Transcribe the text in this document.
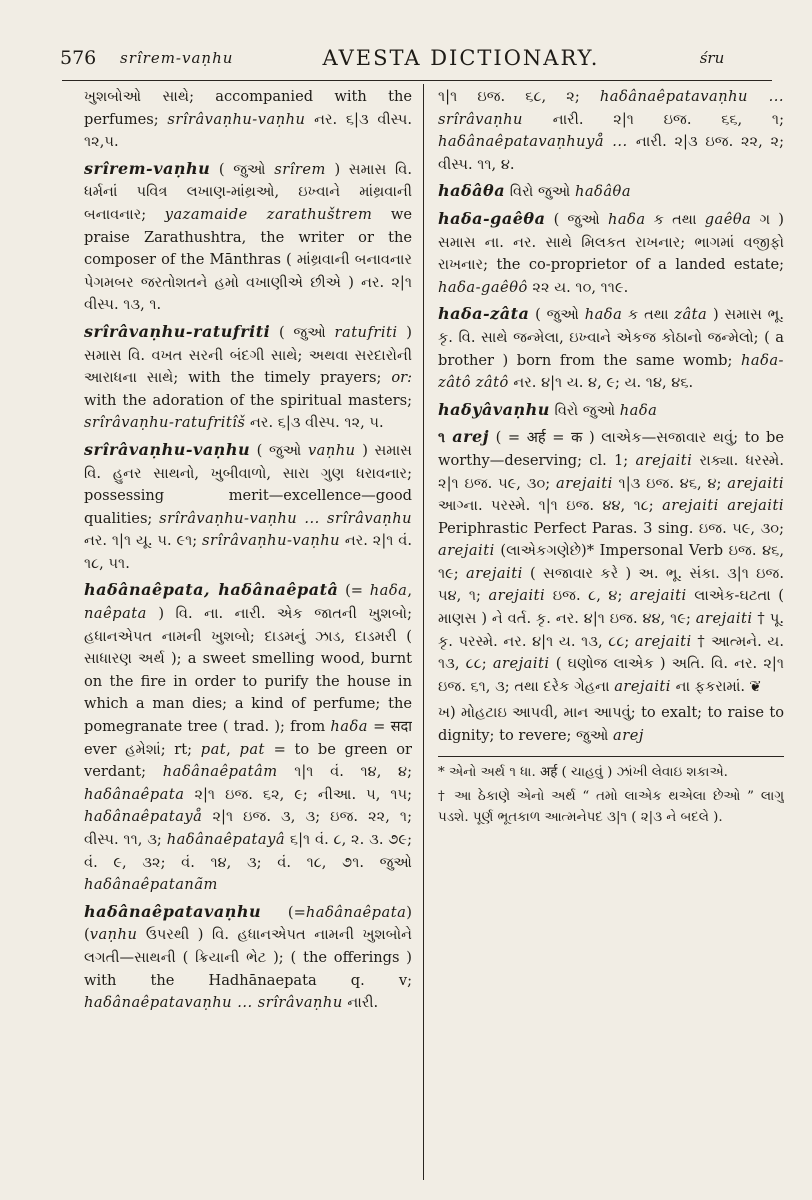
576	srîrem-vaṇhu	AVESTA DICTIONARY.	śru

ખુશબોઓ સાથે; accompanied with the perfumes; srîrâvaṇhu-vaṇhu નર. ૬|૩ વીસ્પ. ૧૨,૫.

srîrem-vaṇhu ( જુઓ srîrem ) સમાસ વિ. ધર્મનાં પવિત્ર લખાણ-માંથ્રઓ, ઇખ્વાને માંથ્રવાની બનાવનાર; yazamaide zarathuštrem we praise Zarathushtra, the writer or the composer of the Mānthras ( માંથ્રવાની બનાવનાર પેગમબર જરતોશતને હમો વખાણીએ છીએ ) નર. ૨|૧ વીસ્પ. ૧૩, ૧.

srîrâvaṇhu-ratufriti ( જુઓ ratufriti ) સમાસ વિ. વખત સરની બંદગી સાથે; અથવા સરદારોની આરાધના સાથે; with the timely prayers; or: with the adoration of the spiritual masters; srîrâvaṇhu-ratufritîš નર. ૬|૩ વીસ્પ. ૧૨, ૫.

srîrâvaṇhu-vaṇhu ( જુઓ vaṇhu ) સમાસ વિ. હુનર સાથનો, ખુબીવાળો, સારા ગુણ ધરાવનાર; possessing merit—excellence—good qualities; srîrâvaṇhu-vaṇhu ... srîrâvaṇhu નર. ૧|૧ યૂ. ૫. ૯૧; srîrâvaṇhu-vaṇhu નર. ૨|૧ વં. ૧૮, ૫૧.

haδânaêpata, haδânaêpatâ (= haδa, naêpata ) વિ. ના. નારી. એક જાતની ખુશબો; હધાનએપત નામની ખુશબો; દાડમનું ઝાડ, દાડમરી ( સાધારણ અર્થ ); a sweet smelling wood, burnt on the fire in order to purify the house in which a man dies; a kind of perfume; the pomegranate tree ( trad. ); from haδa = सदा ever હમેશાં; rt; pat, pat = to be green or verdant; haδânaêpatâm ૧|૧ વં. ૧૪, ૪; haδânaêpata ૨|૧ ઇજ. ૬૨, ૯; નીઆ. ૫, ૧૫; haδânaêpatayå ૨|૧ ઇજ. ૩, ૩; ઇજ. ૨૨, ૧; વીસ્પ. ૧૧, ૩; haδânaêpatayâ ૬|૧ વં. ૮, ૨. ૩. ૭૯; વં. ૯, ૩૨; વં. ૧૪, ૩; વં. ૧૮, ૭૧. જુઓ haδânaêpatanãm

haδânaêpatavaṇhu (=haδânaêpata) (vaṇhu ઉપરથી ) વિ. હધાનએપત નામની ખુશબોને લગતી—સાથની ( ક્રિયાની ભેટ ); ( the offerings ) with the Hadhānaepata q. v; haδânaêpatavaṇhu ... srîrâvaṇhu નારી.

૧|૧ ઇજ. ૬૮, ૨; haδânaêpatavaṇhu ... srîrâvaṇhu નારી. ૨|૧ ઇજ. ૬૬, ૧; haδânaêpatavaṇhuyå ... નારી. ૨|૩ ઇજ. ૨૨, ૨; વીસ્પ. ૧૧, ૪.

haδâθa વિરો જુઓ haδâθa

haδa-gaêθa ( જુઓ haδa ક તથા gaêθa ગ ) સમાસ ના. નર. સાથે મિલકત રાખનાર; ભાગમાં વજીફો રાખનાર; the co-proprietor of a landed estate; haδa-gaêθô ૨૨ ય. ૧૦, ૧૧૯.

haδa-zâta ( જુઓ haδa ક તથા zâta ) સમાસ ભૂ. કૃ. વિ. સાથે જન્મેલા, ઇખ્વાને એકજ કોઠાનો જન્મેલો; ( a brother ) born from the same womb; haδa-zâtô zâtô નર. ૪|૧ ય. ૪, ૯; ય. ૧૪, ૪૬.

haδyâvaṇhu વિરો જુઓ haδa

૧ arej ( = अर्ह = क ) લાએક—સજાવાર થવું; to be worthy—deserving; cl. 1; arejaiti રાક્યા. ધરસ્મે. ૨|૧ ઇજ. ૫૯, ૩૦; arejaiti ૧|૩ ઇજ. ૪૬, ૪; arejaiti આગ્ના. પરસ્મે. ૧|૧ ઇજ. ૪૪, ૧૮; arejaiti arejaiti Periphrastic Perfect Paras. 3 sing. ઇજ. ૫૯, ૩૦; arejaiti (લાએકગણેછે)* Impersonal Verb ઇજ. ૪૬, ૧૯; arejaiti ( સજાવાર કરે ) અ. ભૂ. સંકા. ૩|૧ ઇજ. ૫૪, ૧; arejaiti ઇજ. ૮, ૪; arejaiti લાએક-ઘટતા ( માણસ ) ને વર્ત. કૃ. નર. ૪|૧ ઇજ. ૪૪, ૧૯; arejaiti † પૂ. કૃ. પરસ્મે. નર. ૪|૧ ય. ૧૩, ૮૮; arejaiti † આત્મને. ય. ૧૩, ૮૮; arejaiti ( ઘણોજ લાએક ) અતિ. વિ. નર. ૨|૧ ઇજ. ૬૧, ૩; તથા દરેક ગેહના arejaiti ના ફકરામાં. ❦

ખ) મોહટાઇ આપવી, માન આપવું; to exalt; to raise to dignity; to revere; જુઓ arej

* એનો અર્થ ૧ ધા. अर्ह ( ચાહવું ) ઝાંખી લેવાઇ શકાએ.

† આ ઠેકાણે એનો અર્થ “ તમો લાએક થએલા છેઓ ” લાગુ પડશે. પૂર્ણ ભૂતકાળ આત્મનેપદ ૩|૧ ( ૨|૩ ને બદલે ).
